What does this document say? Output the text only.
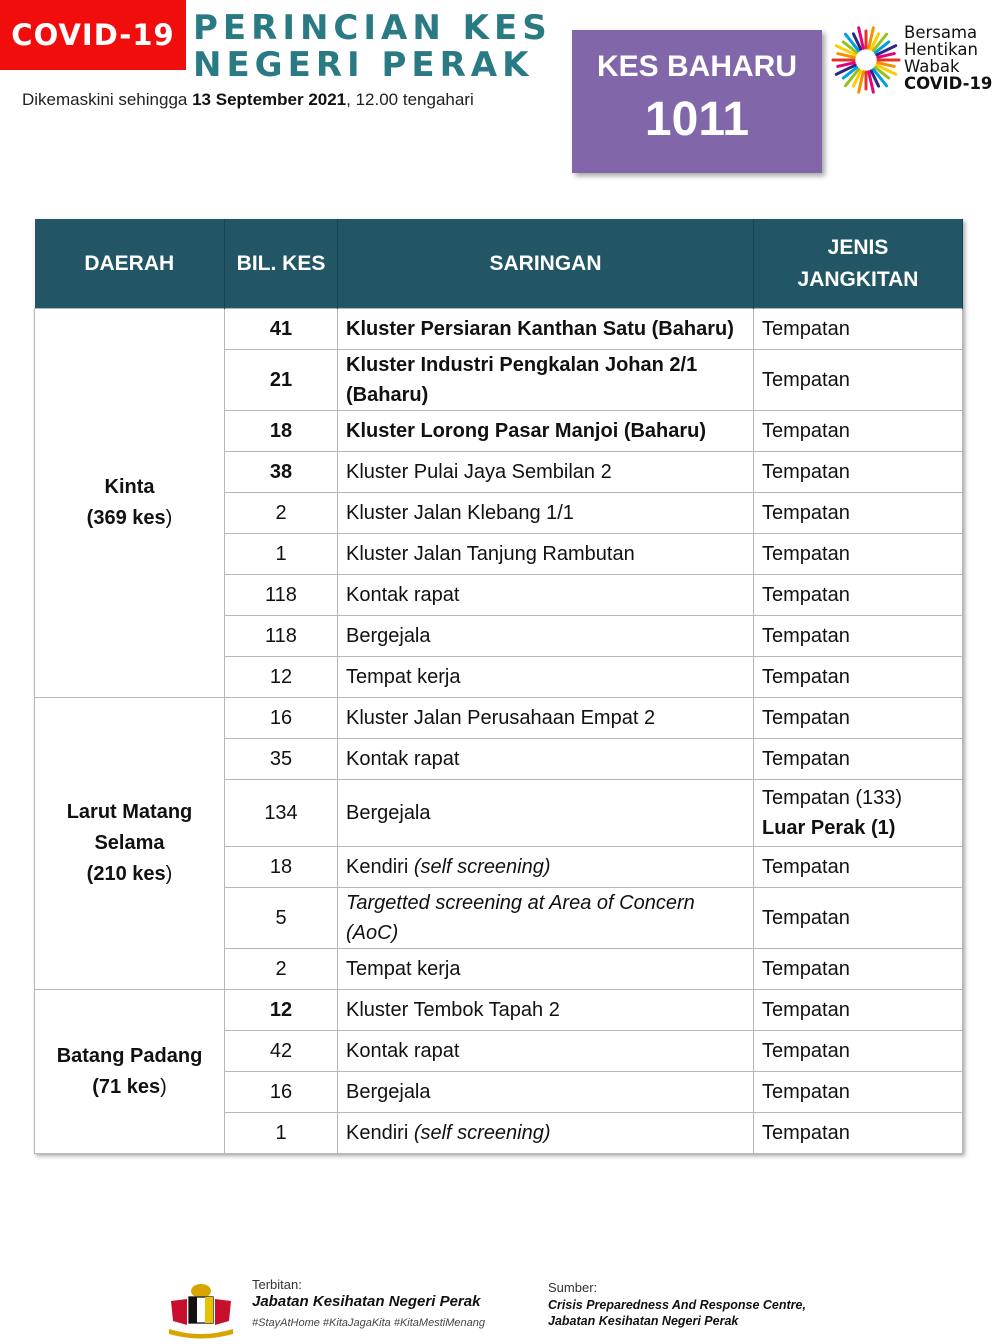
COVID-19 PERINCIAN KES
NEGERI PERAK
Dikemaskini sehingga 13 September 2021, 12.00 tengahari
KES BAHARU
1011
Bersama
Hentikan
Wabak
COVID-19
DAERAH	BIL. KES	SARINGAN	JENIS
JANGKITAN
Kinta
(369 kes)	41	Kluster Persiaran Kanthan Satu (Baharu)	Tempatan
	21	Kluster Industri Pengkalan Johan 2/1 (Baharu)	Tempatan
	18	Kluster Lorong Pasar Manjoi (Baharu)	Tempatan
	38	Kluster Pulai Jaya Sembilan 2	Tempatan
	2	Kluster Jalan Klebang 1/1	Tempatan
	1	Kluster Jalan Tanjung Rambutan	Tempatan
	118	Kontak rapat	Tempatan
	118	Bergejala	Tempatan
	12	Tempat kerja	Tempatan
Larut Matang
Selama
(210 kes)	16	Kluster Jalan Perusahaan Empat 2	Tempatan
	35	Kontak rapat	Tempatan
	134	Bergejala	Tempatan (133)
Luar Perak (1)
	18	Kendiri (self screening)	Tempatan
	5	Targetted screening at Area of Concern (AoC)	Tempatan
	2	Tempat kerja	Tempatan
Batang Padang
(71 kes)	12	Kluster Tembok Tapah 2	Tempatan
	42	Kontak rapat	Tempatan
	16	Bergejala	Tempatan
	1	Kendiri (self screening)	Tempatan
Terbitan:
Jabatan Kesihatan Negeri Perak
#StayAtHome #KitaJagaKita #KitaMestiMenang
Sumber:
Crisis Preparedness And Response Centre,
Jabatan Kesihatan Negeri Perak
